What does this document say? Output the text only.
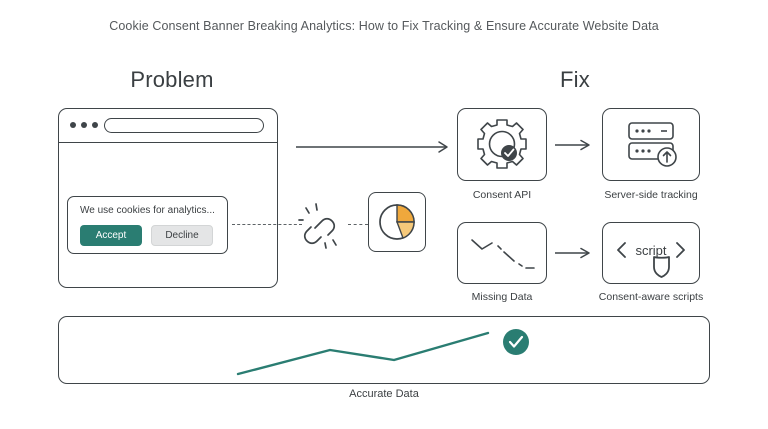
Cookie Consent Banner Breaking Analytics: How to Fix Tracking & Ensure Accurate Website Data
Problem	Fix
We use cookies for analytics...
Accept	Decline
Consent API	Server-side tracking
Missing Data
script
Consent-aware scripts
Accurate Data
